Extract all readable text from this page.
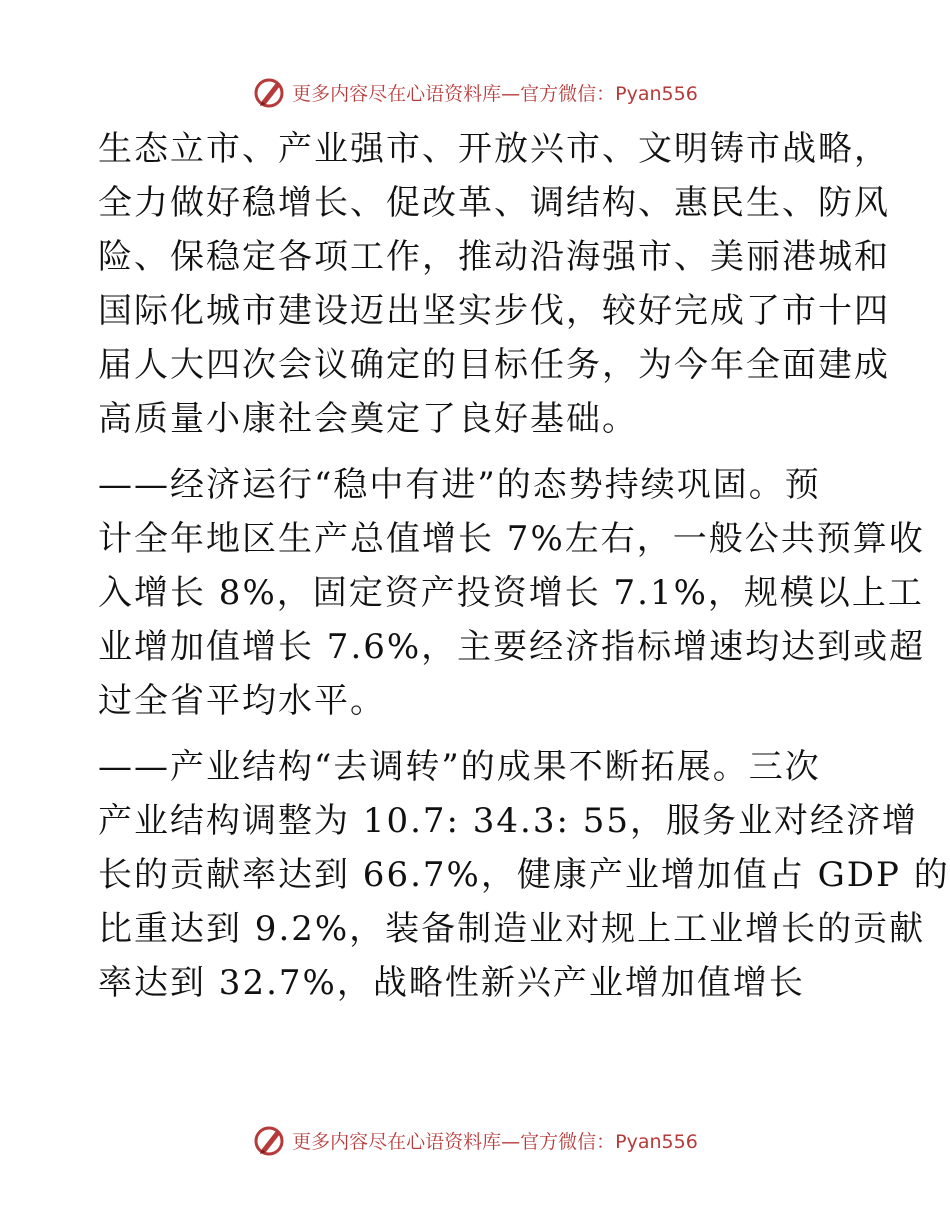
更多内容尽在心语资料库—官方微信：Pyan556

生态立市、产业强市、开放兴市、文明铸市战略，
全力做好稳增长、促改革、调结构、惠民生、防风
险、保稳定各项工作，推动沿海强市、美丽港城和
国际化城市建设迈出坚实步伐，较好完成了市十四
届人大四次会议确定的目标任务，为今年全面建成
高质量小康社会奠定了良好基础。

——经济运行“稳中有进”的态势持续巩固。预
计全年地区生产总值增长 7%左右，一般公共预算收
入增长 8%，固定资产投资增长 7.1%，规模以上工
业增加值增长 7.6%，主要经济指标增速均达到或超
过全省平均水平。

——产业结构“去调转”的成果不断拓展。三次
产业结构调整为 10.7: 34.3: 55，服务业对经济增
长的贡献率达到 66.7%，健康产业增加值占 GDP 的
比重达到 9.2%，装备制造业对规上工业增长的贡献
率达到 32.7%，战略性新兴产业增加值增长

更多内容尽在心语资料库—官方微信：Pyan556
